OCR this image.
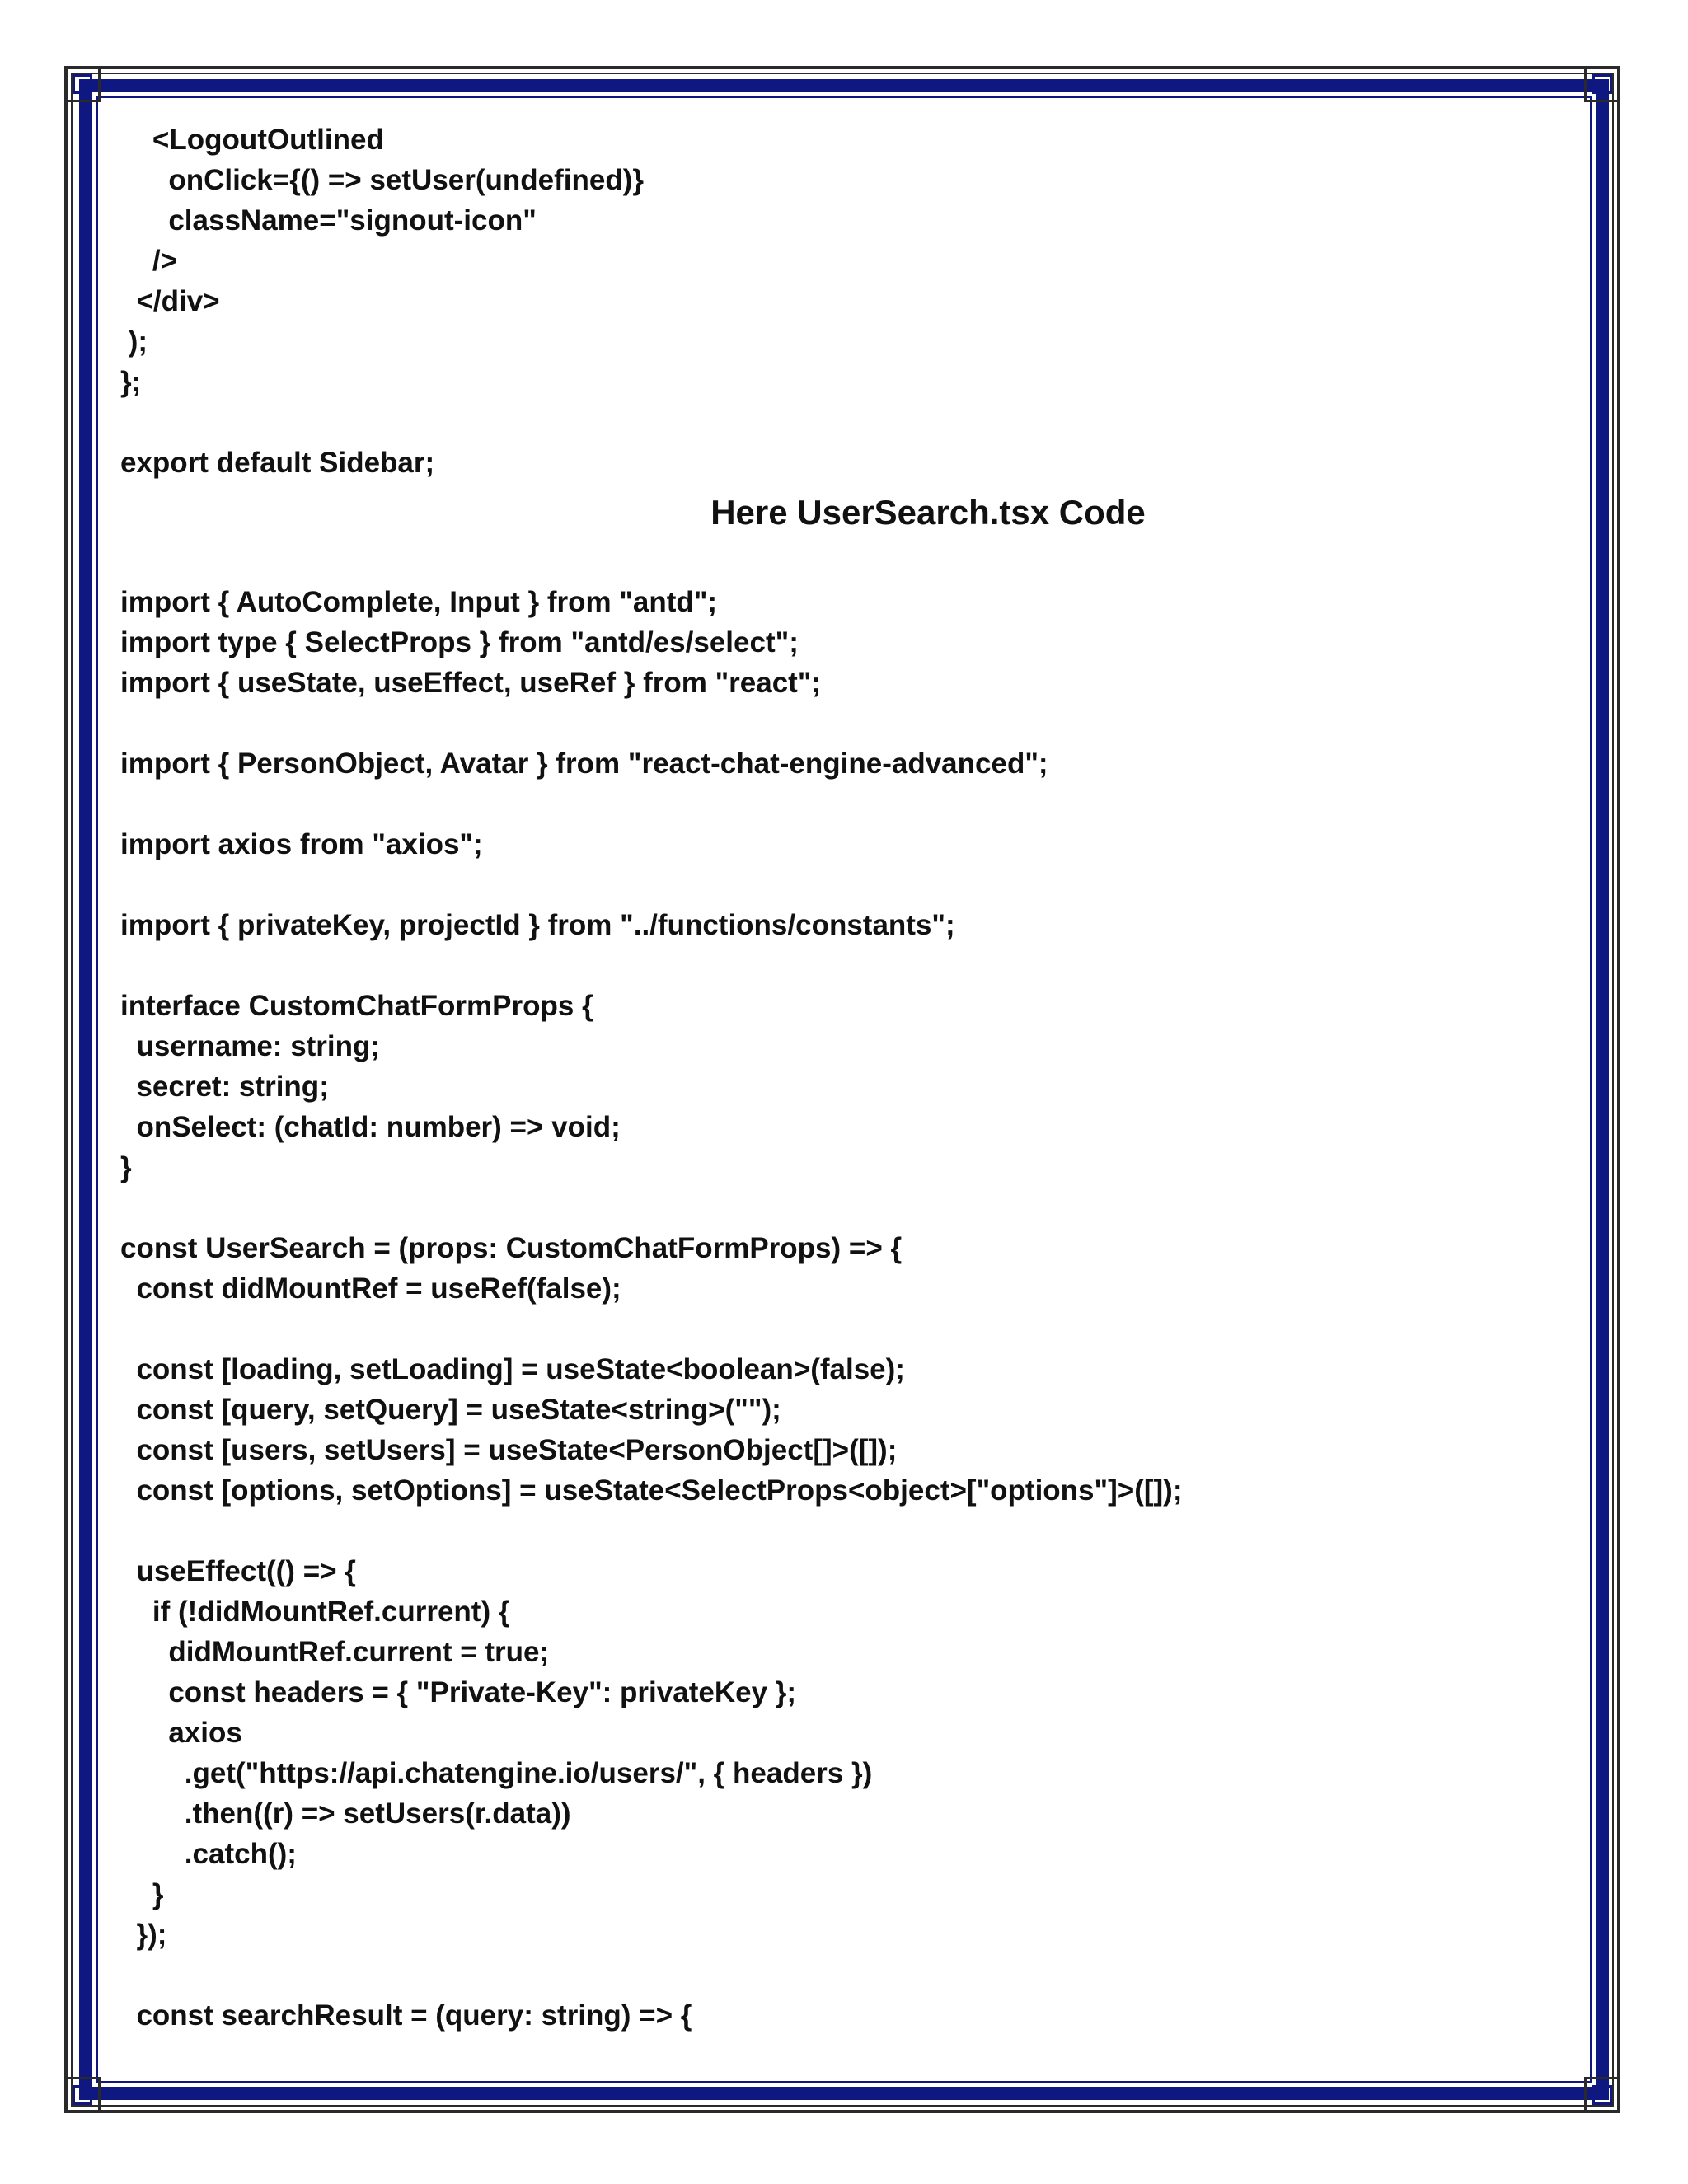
<LogoutOutlined
onClick={() => setUser(undefined)}
className="signout-icon"
/>
</div>
);
};
export default Sidebar;
Here UserSearch.tsx Code
import { AutoComplete, Input } from "antd";
import type { SelectProps } from "antd/es/select";
import { useState, useEffect, useRef } from "react";
import { PersonObject, Avatar } from "react-chat-engine-advanced";
import axios from "axios";
import { privateKey, projectId } from "../functions/constants";
interface CustomChatFormProps {
username: string;
secret: string;
onSelect: (chatId: number) => void;
}
const UserSearch = (props: CustomChatFormProps) => {
const didMountRef = useRef(false);
const [loading, setLoading] = useState<boolean>(false);
const [query, setQuery] = useState<string>("");
const [users, setUsers] = useState<PersonObject[]>([]);
const [options, setOptions] = useState<SelectProps<object>["options"]>([]);
useEffect(() => {
if (!didMountRef.current) {
didMountRef.current = true;
const headers = { "Private-Key": privateKey };
axios
.get("https://api.chatengine.io/users/", { headers })
.then((r) => setUsers(r.data))
.catch();
}
});
const searchResult = (query: string) => {
